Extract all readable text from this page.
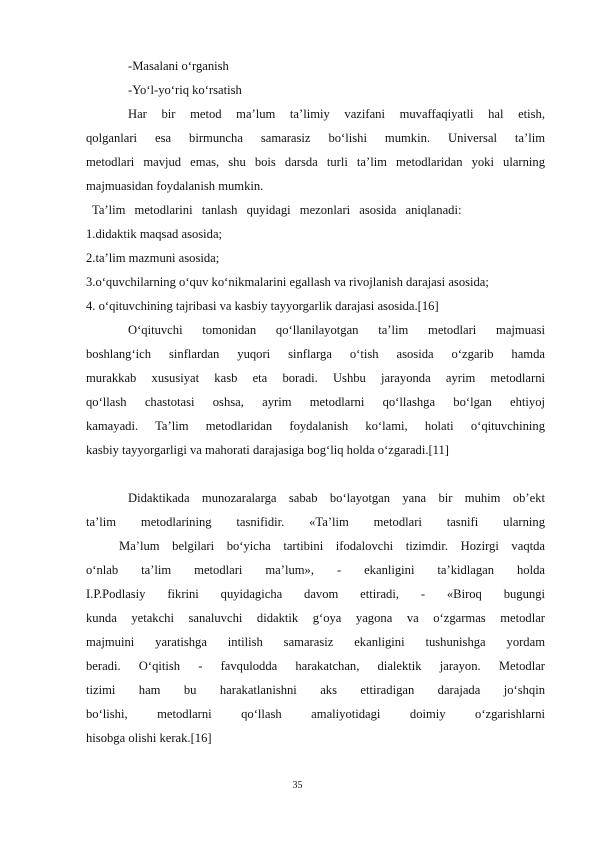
-Masalani o‘rganish
-Yo‘l-yo‘riq ko‘rsatish
Har bir metod ma’lum ta’limiy vazifani muvaffaqiyatli hal etish,
qolganlari esa birmuncha samarasiz bo‘lishi mumkin. Universal ta’lim
metodlari mavjud emas, shu bois darsda turli ta’lim metodlaridan yoki ularning
majmuasidan foydalanish mumkin.
Ta’lim metodlarini tanlash quyidagi mezonlari asosida aniqlanadi:
1.didaktik maqsad asosida;
2.ta’lim mazmuni asosida;
3.o‘quvchilarning o‘quv ko‘nikmalarini egallash va rivojlanish darajasi asosida;
4. o‘qituvchining tajribasi va kasbiy tayyorgarlik darajasi asosida.[16]
O‘qituvchi tomonidan qo‘llanilayotgan ta’lim metodlari majmuasi
boshlang‘ich sinflardan yuqori sinflarga o‘tish asosida o‘zgarib hamda
murakkab xususiyat kasb eta boradi. Ushbu jarayonda ayrim metodlarni
qo‘llash chastotasi oshsa, ayrim metodlarni qo‘llashga bo‘lgan ehtiyoj
kamayadi. Ta’lim metodlaridan foydalanish ko‘lami, holati o‘qituvchining
kasbiy tayyorgarligi va mahorati darajasiga bog‘liq holda o‘zgaradi.[11]
Didaktikada munozaralarga sabab bo‘layotgan yana bir muhim ob’ekt
ta’lim metodlarining tasnifidir. «Ta’lim metodlari tasnifi ularning
Ma’lum belgilari bo‘yicha tartibini ifodalovchi tizimdir. Hozirgi vaqtda
o‘nlab ta’lim metodlari ma’lum», - ekanligini ta’kidlagan holda
I.P.Podlasiy fikrini quyidagicha davom ettiradi, - «Biroq bugungi
kunda yetakchi sanaluvchi didaktik g‘oya yagona va o‘zgarmas metodlar
majmuini yaratishga intilish samarasiz ekanligini tushunishga yordam
beradi. O‘qitish - favqulodda harakatchan, dialektik jarayon. Metodlar
tizimi ham bu harakatlanishni aks ettiradigan darajada jo‘shqin
bo‘lishi, metodlarni qo‘llash amaliyotidagi doimiy o‘zgarishlarni
hisobga olishi kerak.[16]
35
